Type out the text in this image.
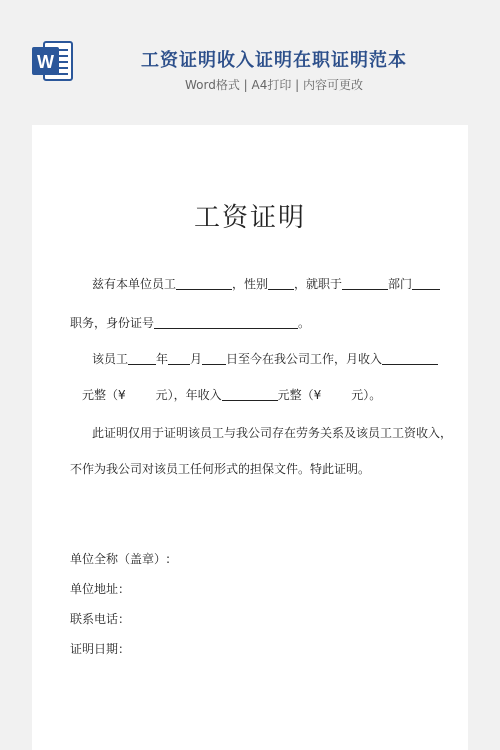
W	工资证明收入证明在职证明范本
Word格式 | A4打印 | 内容可更改
工资证明
兹有本单位员工	，性别 ，就职于	部门
职务，身份证号	。
该员工 年 月 日至今在我公司工作，月收入
元整（¥	元），年收入	元整（¥	元）。
此证明仅用于证明该员工与我公司存在劳务关系及该员工工资收入，
不作为我公司对该员工任何形式的担保文件。特此证明。
单位全称（盖章）:
单位地址：
联系电话：
证明日期：
